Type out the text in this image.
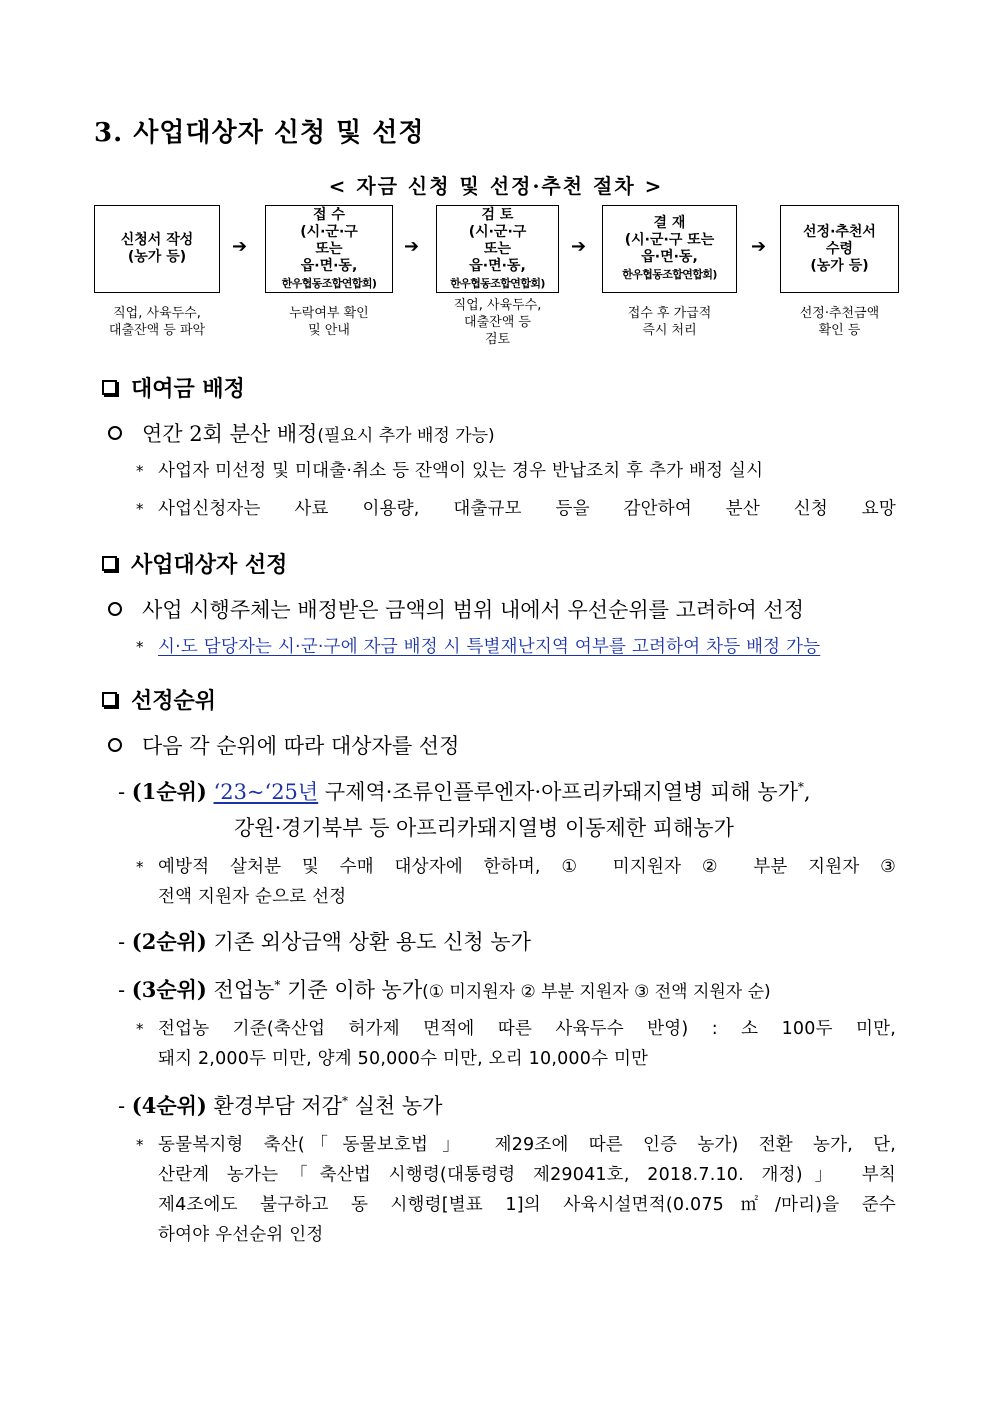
3. 사업대상자 신청 및 선정
< 자금 신청 및 선정·추천 절차 >
신청서 작성
(농가 등)	➔
접 수
(시·군·구
또는
읍·면·동,
한우협동조합연합회)
➔
검 토
(시·군·구
또는
읍·면·동,
한우협동조합연합회)
➔
결 재
(시·군·구 또는
읍·면·동,
한우협동조합연합회)
➔
선정·추천서
수령
(농가 등)
직업, 사육두수,
대출잔액 등 파악
누락여부 확인
및 안내
직업, 사육두수,
대출잔액 등
검토
접수 후 가급적
즉시 처리
선정·추천금액
확인 등
대여금 배정
연간 2회 분산 배정 (필요시 추가 배정 가능)
* 사업자 미선정 및 미대출·취소 등 잔액이 있는 경우 반납조치 후 추가 배정 실시
* 사업신청자는 사료 이용량, 대출규모 등을 감안하여 분산 신청 요망
사업대상자 선정
사업 시행주체는 배정받은 금액의 범위 내에서 우선순위를 고려하여 선정
* 시·도 담당자는 시·군·구에 자금 배정 시 특별재난지역 여부를 고려하여 차등 배정 가능
선정순위
다음 각 순위에 따라 대상자를 선정
- (1순위) ‘23~‘25년 구제역·조류인플루엔자·아프리카돼지열병 피해 농가*,
강원·경기북부 등 아프리카돼지열병 이동제한 피해농가
* 예방적 살처분 및 수매 대상자에 한하며, ① 미지원자 ② 부분 지원자 ③
전액 지원자 순으로 선정
- (2순위) 기존 외상금액 상환 용도 신청 농가
- (3순위) 전업농* 기준 이하 농가(① 미지원자 ② 부분 지원자 ③ 전액 지원자 순)
* 전업농 기준(축산업 허가제 면적에 따른 사육두수 반영) : 소 100두 미만,
돼지 2,000두 미만, 양계 50,000수 미만, 오리 10,000수 미만
- (4순위) 환경부담 저감* 실천 농가
* 동물복지형 축산(「동물보호법」 제29조에 따른 인증 농가) 전환 농가, 단,
산란계 농가는「축산법 시행령(대통령령 제29041호, 2018.7.10. 개정)」 부칙
제4조에도 불구하고 동 시행령[별표 1]의 사육시설면적(0.075㎡/마리)을 준수
하여야 우선순위 인정
